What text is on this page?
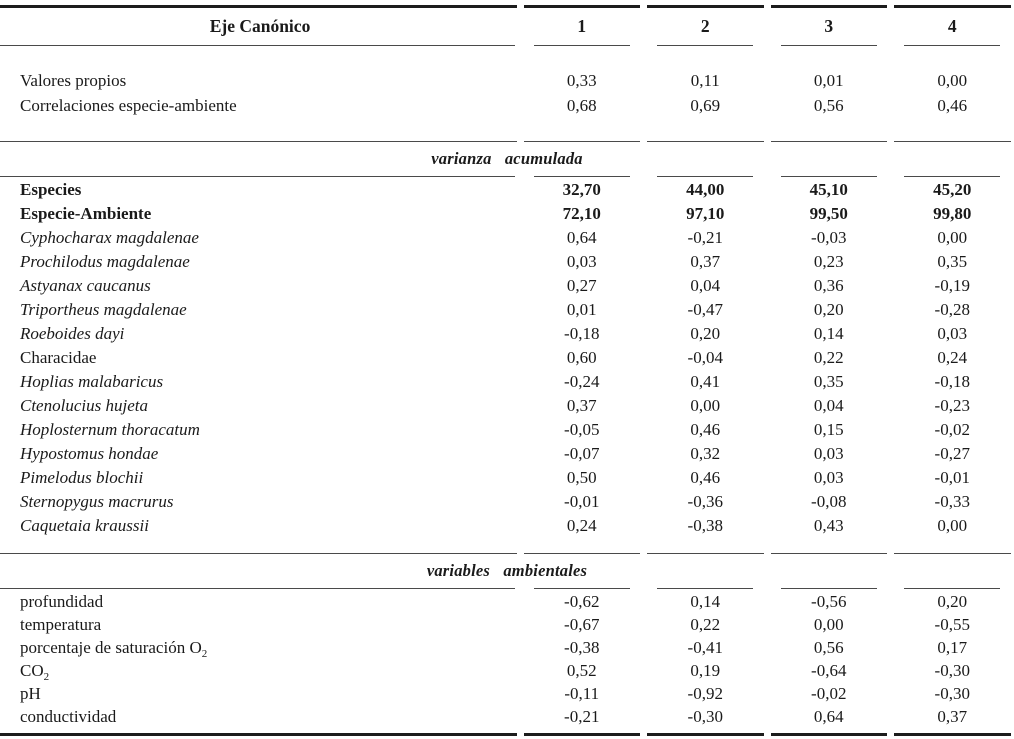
Eje Canónico	1	2	3	4
Valores propios	0,33	0,11	0,01	0,00
Correlaciones especie-ambiente	0,68	0,69	0,56	0,46
varianza acumulada
Especies	32,70	44,00	45,10	45,20
Especie-Ambiente	72,10	97,10	99,50	99,80
Cyphocharax magdalenae	0,64	-0,21	-0,03	0,00
Prochilodus magdalenae	0,03	0,37	0,23	0,35
Astyanax caucanus	0,27	0,04	0,36	-0,19
Triportheus magdalenae	0,01	-0,47	0,20	-0,28
Roeboides dayi	-0,18	0,20	0,14	0,03
Characidae	0,60	-0,04	0,22	0,24
Hoplias malabaricus	-0,24	0,41	0,35	-0,18
Ctenolucius hujeta	0,37	0,00	0,04	-0,23
Hoplosternum thoracatum	-0,05	0,46	0,15	-0,02
Hypostomus hondae	-0,07	0,32	0,03	-0,27
Pimelodus blochii	0,50	0,46	0,03	-0,01
Sternopygus macrurus	-0,01	-0,36	-0,08	-0,33
Caquetaia kraussii	0,24	-0,38	0,43	0,00
variables ambientales
profundidad	-0,62	0,14	-0,56	0,20
temperatura	-0,67	0,22	0,00	-0,55
porcentaje de saturación $O_2$	-0,38	-0,41	0,56	0,17
$CO_2$	0,52	0,19	-0,64	-0,30
pH	-0,11	-0,92	-0,02	-0,30
conductividad	-0,21	-0,30	0,64	0,37
